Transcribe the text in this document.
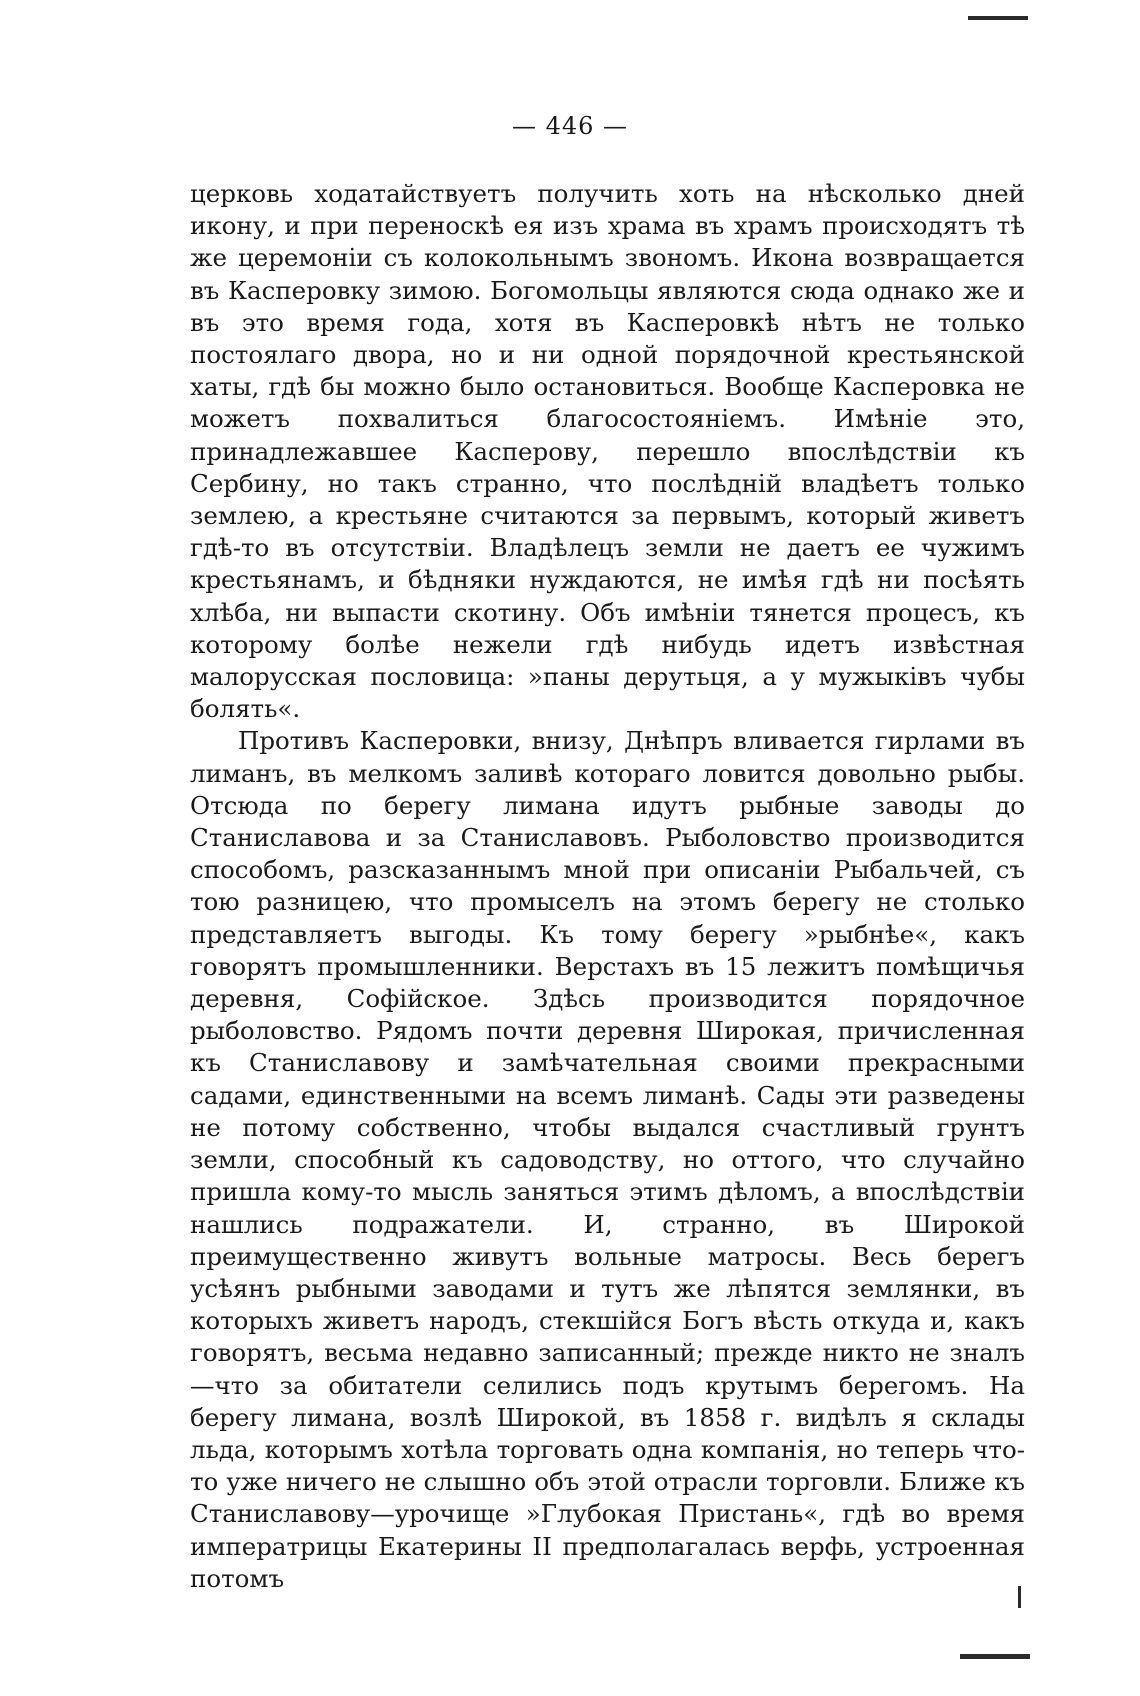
— 446 —

церковь ходатайствуетъ получить хоть на нѣсколько дней икону, и при переноскѣ ея изъ храма въ храмъ происходятъ тѣ же церемоніи съ колокольнымъ звономъ. Икона возвращается въ Касперовку зимою. Богомольцы являются сюда однако же и въ это время года, хотя въ Касперовкѣ нѣтъ не только постоялаго двора, но и ни одной порядочной крестьянской хаты, гдѣ бы можно было остановиться. Вообще Касперовка не можетъ похвалиться благосостояніемъ. Имѣніе это, принадлежавшее Касперову, перешло впослѣдствіи къ Сербину, но такъ странно, что послѣдній владѣетъ только землею, а крестьяне считаются за первымъ, который живетъ гдѣ-то въ отсутствіи. Владѣлецъ земли не даетъ ее чужимъ крестьянамъ, и бѣдняки нуждаются, не имѣя гдѣ ни посѣять хлѣба, ни выпасти скотину. Объ имѣніи тянется процесъ, къ которому болѣе нежели гдѣ нибудь идетъ извѣстная малорусская пословица: »паны дерутьця, а у мужыківъ чубы болять«.

Противъ Касперовки, внизу, Днѣпръ вливается гирлами въ лиманъ, въ мелкомъ заливѣ котораго ловится довольно рыбы. Отсюда по берегу лимана идутъ рыбные заводы до Станиславова и за Станиславовъ. Рыболовство производится способомъ, разсказаннымъ мной при описаніи Рыбальчей, съ тою разницею, что промыселъ на этомъ берегу не столько представляетъ выгоды. Къ тому берегу »рыбнѣе«, какъ говорятъ промышленники. Верстахъ въ 15 лежитъ помѣщичья деревня, Софійское. Здѣсь производится порядочное рыболовство. Рядомъ почти деревня Широкая, причисленная къ Станиславову и замѣчательная своими прекрасными садами, единственными на всемъ лиманѣ. Сады эти разведены не потому собственно, чтобы выдался счастливый грунтъ земли, способный къ садоводству, но оттого, что случайно пришла кому-то мысль заняться этимъ дѣломъ, а впослѣдствіи нашлись подражатели. И, странно, въ Широкой преимущественно живутъ вольные матросы. Весь берегъ усѣянъ рыбными заводами и тутъ же лѣпятся землянки, въ которыхъ живетъ народъ, стекшійся Богъ вѣсть откуда и, какъ говорятъ, весьма недавно записанный; прежде никто не зналъ—что за обитатели селились подъ крутымъ берегомъ. На берегу лимана, возлѣ Широкой, въ 1858 г. видѣлъ я склады льда, которымъ хотѣла торговать одна компанія, но теперь что-то уже ничего не слышно объ этой отрасли торговли. Ближе къ Станиславову—урочище »Глубокая Пристань«, гдѣ во время императрицы Екатерины II предполагалась верфь, устроенная потомъ
